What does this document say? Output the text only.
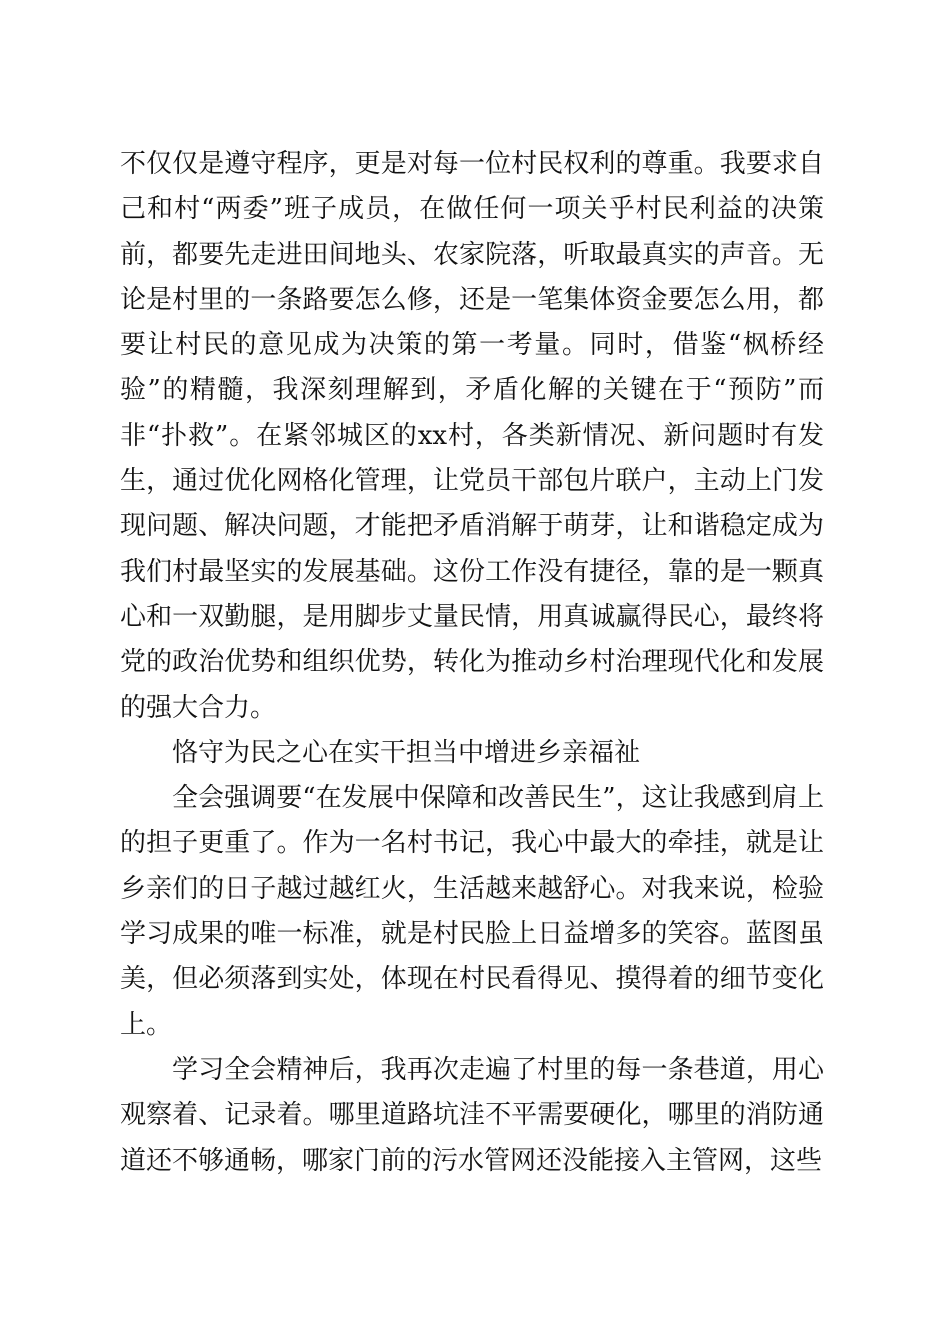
不仅仅是遵守程序，更是对每一位村民权利的尊重。我要求自己和村“两委”班子成员，在做任何一项关乎村民利益的决策前，都要先走进田间地头、农家院落，听取最真实的声音。无论是村里的一条路要怎么修，还是一笔集体资金要怎么用，都要让村民的意见成为决策的第一考量。同时，借鉴“枫桥经验”的精髓，我深刻理解到，矛盾化解的关键在于“预防”而非“扑救”。在紧邻城区的xx村，各类新情况、新问题时有发生，通过优化网格化管理，让党员干部包片联户，主动上门发现问题、解决问题，才能把矛盾消解于萌芽，让和谐稳定成为我们村最坚实的发展基础。这份工作没有捷径，靠的是一颗真心和一双勤腿，是用脚步丈量民情，用真诚赢得民心，最终将党的政治优势和组织优势，转化为推动乡村治理现代化和发展的强大合力。

恪守为民之心在实干担当中增进乡亲福祉

全会强调要“在发展中保障和改善民生”，这让我感到肩上的担子更重了。作为一名村书记，我心中最大的牵挂，就是让乡亲们的日子越过越红火，生活越来越舒心。对我来说，检验学习成果的唯一标准，就是村民脸上日益增多的笑容。蓝图虽美，但必须落到实处，体现在村民看得见、摸得着的细节变化上。

学习全会精神后，我再次走遍了村里的每一条巷道，用心观察着、记录着。哪里道路坑洼不平需要硬化，哪里的消防通道还不够通畅，哪家门前的污水管网还没能接入主管网，这些
